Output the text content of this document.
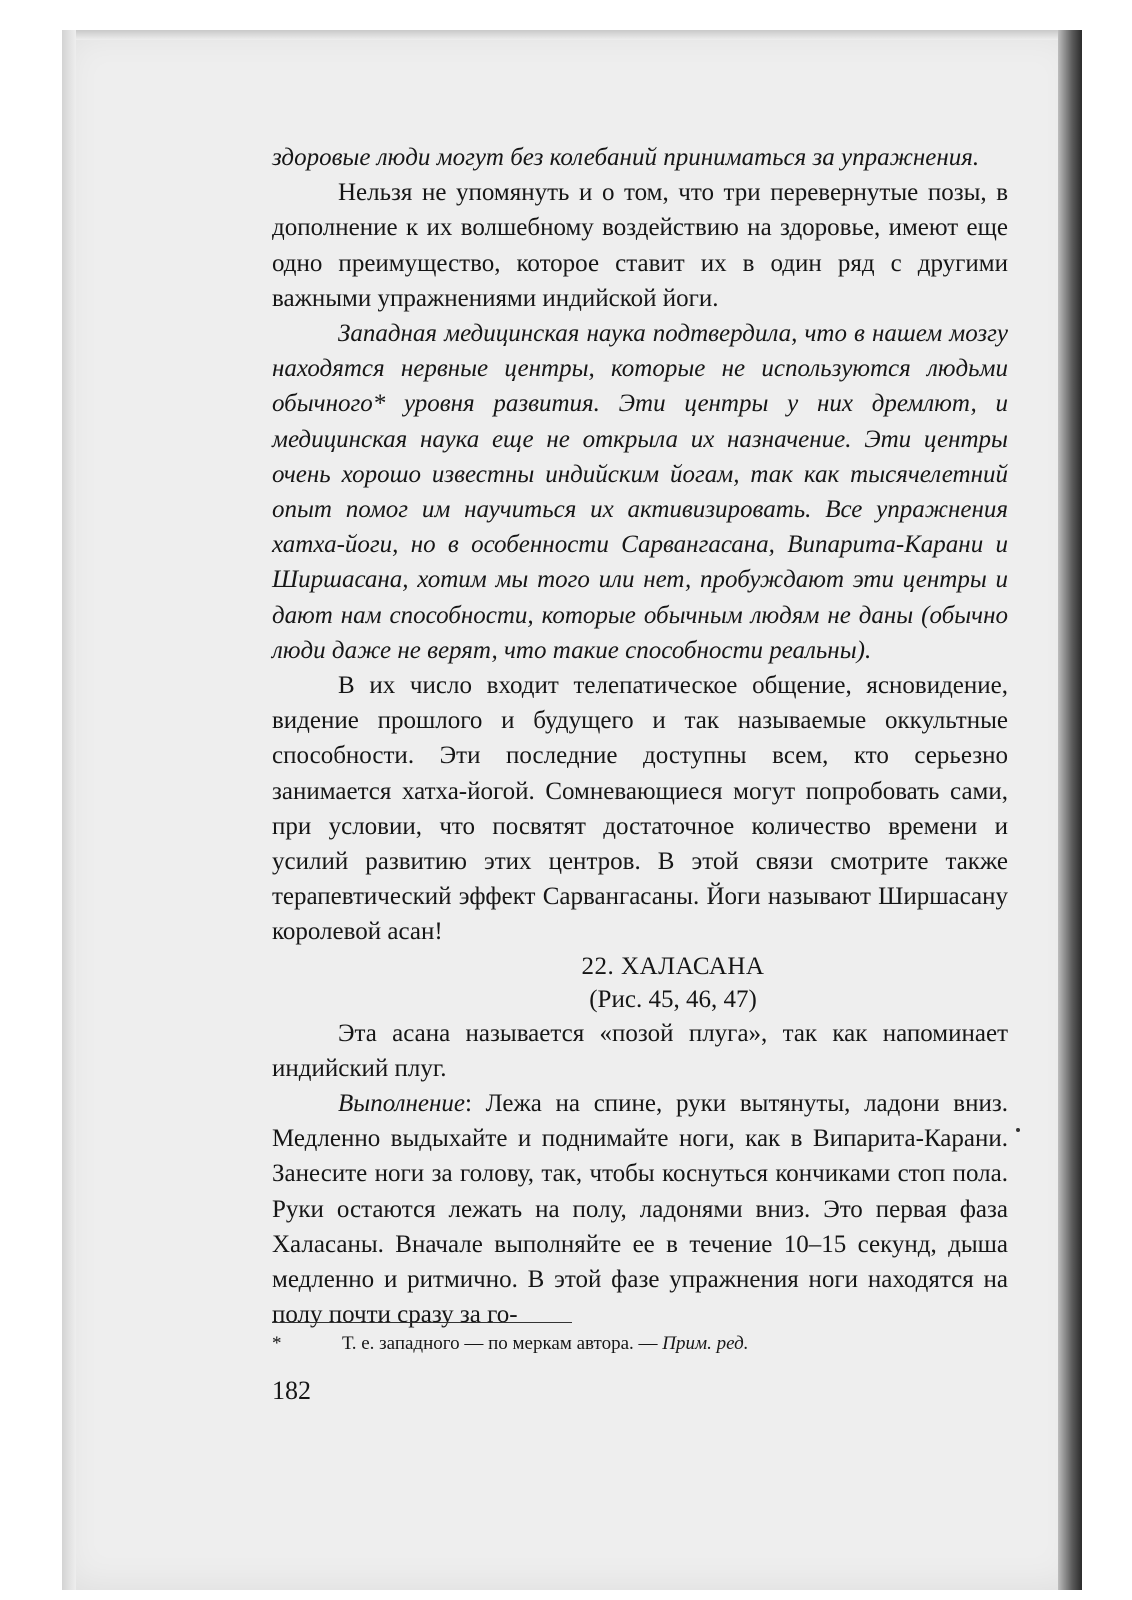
здоровые люди могут без колебаний приниматься за упражнения.

Нельзя не упомянуть и о том, что три перевернутые позы, в дополнение к их волшебному воздействию на здоровье, имеют еще одно преимущество, которое ставит их в один ряд с другими важными упражнениями индийской йоги.

Западная медицинская наука подтвердила, что в нашем мозгу находятся нервные центры, которые не используются людьми обычного* уровня развития. Эти центры у них дремлют, и медицинская наука еще не открыла их назначение. Эти центры очень хорошо известны индийским йогам, так как тысячелетний опыт помог им научиться их активизировать. Все упражнения хатха-йоги, но в особенности Сарвангасана, Випарита-Карани и Ширшасана, хотим мы того или нет, пробуждают эти центры и дают нам способности, которые обычным людям не даны (обычно люди даже не верят, что такие способности реальны).

В их число входит телепатическое общение, ясновидение, видение прошлого и будущего и так называемые оккультные способности. Эти последние доступны всем, кто серьезно занимается хатха-йогой. Сомневающиеся могут попробовать сами, при условии, что посвятят достаточное количество времени и усилий развитию этих центров. В этой связи смотрите также терапевтический эффект Сарвангасаны. Йоги называют Ширшасану королевой асан!

22. ХАЛАСАНА

(Рис. 45, 46, 47)

Эта асана называется «позой плуга», так как напоминает индийский плуг.

Выполнение: Лежа на спине, руки вытянуты, ладони вниз. Медленно выдыхайте и поднимайте ноги, как в Випарита-Карани. Занесите ноги за голову, так, чтобы коснуться кончиками стоп пола. Руки остаются лежать на полу, ладонями вниз. Это первая фаза Халасаны. Вначале выполняйте ее в течение 10–15 секунд, дыша медленно и ритмично. В этой фазе упражнения ноги находятся на полу почти сразу за го-

*	Т. е. западного — по меркам автора. — Прим. ред.
182
